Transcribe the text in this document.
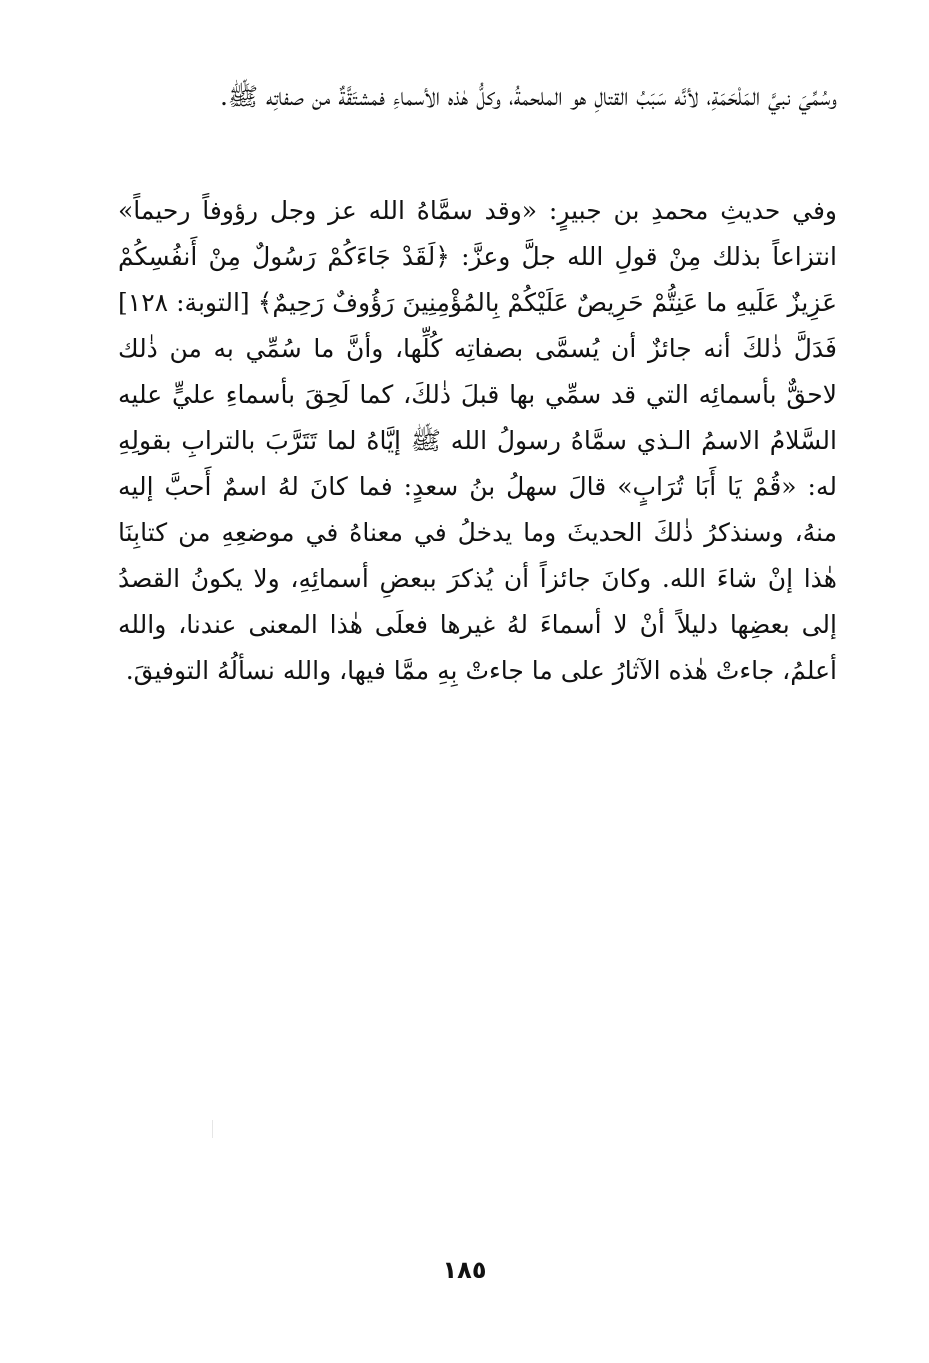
وسُمِّيَ نبيَّ المَلْحَمَةِ، لأنَّه سَبَبُ القتالِ هو الملحمةُ، وكلُّ هٰذه الأسماءِ فمشتَقَّةٌ من صفاتِه ﷺ.
وفي حديثِ محمدِ بن جبيرٍ: «وقد سمَّاهُ الله عز وجل رؤوفاً رحيماً» انتزاعاً بذلك مِنْ قولِ الله جلَّ وعزَّ: ﴿لَقَدْ جَاءَكُمْ رَسُولٌ مِنْ أَنفُسِكُمْ عَزِيزٌ عَلَيهِ ما عَنِتُّمْ حَرِيصٌ عَلَيْكُمْ بِالمُؤْمِنِينَ رَؤُوفٌ رَحِيمٌ﴾ [التوبة: ١٢٨] فَدَلَّ ذٰلكَ أنه جائزٌ أن يُسمَّى بصفاتِه كُلِّها، وأنَّ ما سُمِّي به من ذٰلك لاحقٌّ بأسمائِه التي قد سمِّي بها قبلَ ذٰلكَ، كما لَحِقَ بأسماءِ عليٍّ عليه السَّلامُ الاسمُ الـذي سمَّاهُ رسولُ الله ﷺ إيَّاهُ لما تَتَرَّبَ بالترابِ بقولِهِ له: «قُمْ يَا أَبَا تُرَابٍ» قالَ سهلُ بنُ سعدٍ: فما كانَ لهُ اسمٌ أَحبَّ إليه منهُ، وسنذكرُ ذٰلكَ الحديثَ وما يدخلُ في معناهُ في موضعِهِ من كتابِنَا هٰذا إنْ شاءَ الله. وكانَ جائزاً أن يُذكرَ ببعضِ أسمائِهِ، ولا يكونُ القصدُ إلى بعضِها دليلاً أنْ لا أسماءَ لهُ غيرها فعلَى هٰذا المعنى عندنا، والله أعلمُ، جاءتْ هٰذه الآثارُ على ما جاءتْ بِهِ ممَّا فيها، والله نسألُهُ التوفيقَ.
١٨٥
